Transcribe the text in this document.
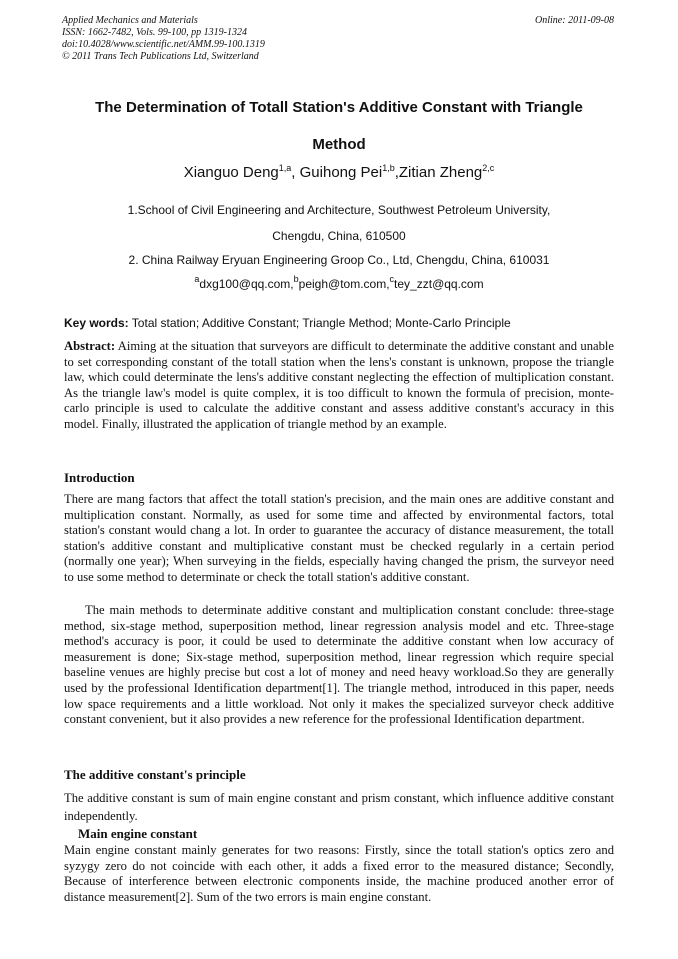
Applied Mechanics and Materials
ISSN: 1662-7482, Vols. 99-100, pp 1319-1324
doi:10.4028/www.scientific.net/AMM.99-100.1319
© 2011 Trans Tech Publications Ltd, Switzerland
Online: 2011-09-08
The Determination of Totall Station's Additive Constant with Triangle
Method
Xianguo Deng$^{1,a}$, Guihong Pei$^{1,b}$,Zitian Zheng$^{2,c}$
1.School of Civil Engineering and Architecture, Southwest Petroleum University,
Chengdu, China, 610500
2. China Railway Eryuan Engineering Groop Co., Ltd, Chengdu, China, 610031
$^a$dxg100@qq.com,$^b$peigh@tom.com,$^c$tey_zzt@qq.com
Key words: Total station; Additive Constant; Triangle Method; Monte-Carlo Principle
Abstract: Aiming at the situation that surveyors are difficult to determinate the additive constant and unable to set corresponding constant of the totall station when the lens's constant is unknown, propose the triangle law, which could determinate the lens's additive constant neglecting the effection of multiplication constant. As the triangle law's model is quite complex, it is too difficult to known the formula of precision, monte-carlo principle is used to calculate the additive constant and assess additive constant's accuracy in this model. Finally, illustrated the application of triangle method by an example.
Introduction
There are mang factors that affect the totall station's precision, and the main ones are additive constant and multiplication constant. Normally, as used for some time and affected by environmental factors, total station's constant would chang a lot. In order to guarantee the accuracy of distance measurement, the totall station's additive constant and multiplicative constant must be checked regularly in a certain period (normally one year); When surveying in the fields, especially having changed the prism, the surveyor need to use some method to determinate or check the totall station's additive constant.
The main methods to determinate additive constant and multiplication constant conclude: three-stage method, six-stage method, superposition method, linear regression analysis model and etc. Three-stage method's accuracy is poor, it could be used to determinate the additive constant when low accuracy of measurement is done; Six-stage method, superposition method, linear regression which require special baseline venues are highly precise but cost a lot of money and need heavy workload.So they are generally used by the professional Identification department[1]. The triangle method, introduced in this paper, needs low space requirements and a little workload. Not only it makes the specialized surveyor check additive constant convenient, but it also provides a new reference for the professional Identification department.
The additive constant's principle
The additive constant is sum of main engine constant and prism constant, which influence additive constant independently.
Main engine constant
Main engine constant mainly generates for two reasons: Firstly, since the totall station's optics zero and syzygy zero do not coincide with each other, it adds a fixed error to the measured distance; Secondly, Because of interference between electronic components inside, the machine produced another error of distance measurement[2]. Sum of the two errors is main engine constant.
